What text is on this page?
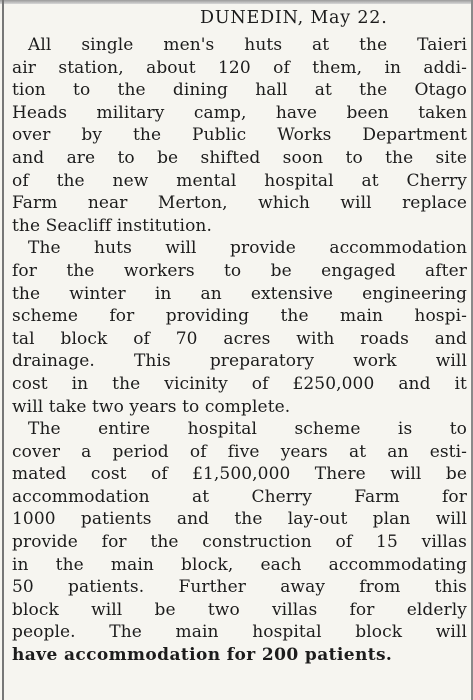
DUNEDIN, May 22.
All single men's huts at the Taieri
air station, about 120 of them, in addi-
tion to the dining hall at the Otago
Heads military camp, have been taken
over by the Public Works Department
and are to be shifted soon to the site
of the new mental hospital at Cherry
Farm near Merton, which will replace
the Seacliff institution.
The huts will provide accommodation
for the workers to be engaged after
the winter in an extensive engineering
scheme for providing the main hospi-
tal block of 70 acres with roads and
drainage. This preparatory work will
cost in the vicinity of £250,000 and it
will take two years to complete.
The entire hospital scheme is to
cover a period of five years at an esti-
mated cost of £1,500,000 There will be
accommodation at Cherry Farm for
1000 patients and the lay-out plan will
provide for the construction of 15 villas
in the main block, each accommodating
50 patients. Further away from this
block will be two villas for elderly
people. The main hospital block will
have accommodation for 200 patients.
